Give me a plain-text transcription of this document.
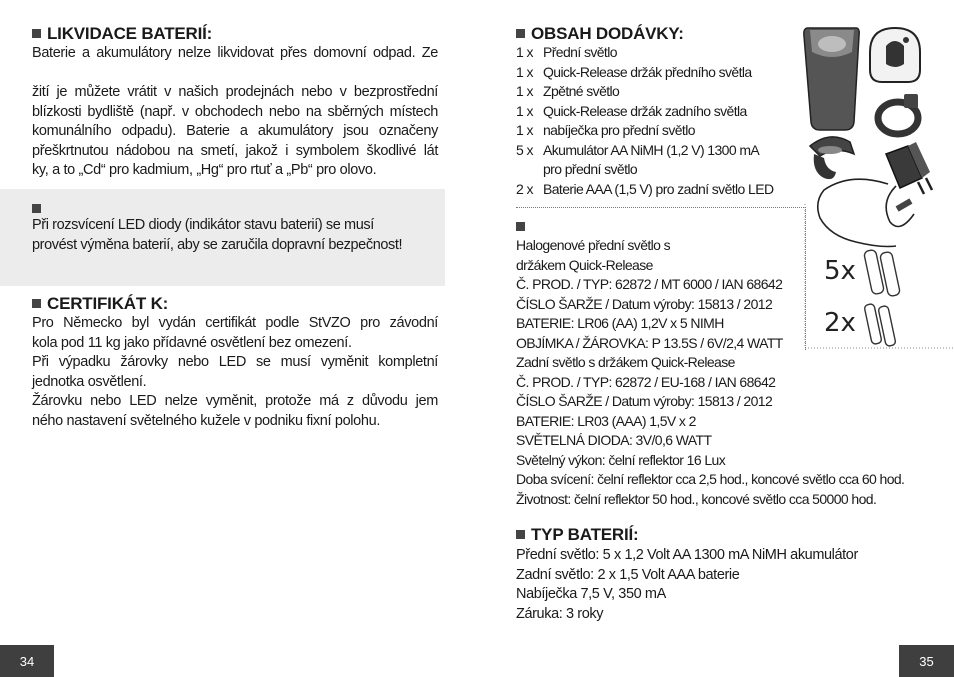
LIKVIDACE BATERIÍ:
Baterie a akumulátory nelze likvidovat přes domovní odpad. Ze
žití je můžete vrátit v našich prodejnách nebo v bezprostřední
blízkosti bydliště (např. v obchodech nebo na sběrných místech
komunálního odpadu). Baterie a akumulátory jsou označeny
přeškrtnutou nádobou na smetí, jakož i symbolem škodlivé lát
ky, a to „Cd“ pro kadmium, „Hg“ pro rtuť a „Pb“ pro olovo.
Při rozsvícení LED diody (indikátor stavu baterií) se musí
provést výměna baterií, aby se zaručila dopravní bezpečnost!
CERTIFIKÁT K:
Pro Německo byl vydán certifikát podle StVZO pro závodní
kola pod 11 kg jako přídavné osvětlení bez omezení.
Při výpadku žárovky nebo LED se musí vyměnit kompletní
jednotka osvětlení.
Žárovku nebo LED nelze vyměnit, protože má z důvodu jem
ného nastavení světelného kužele v podniku fixní polohu.
34
OBSAH DODÁVKY:
1 x Přední světlo
1 x Quick-Release držák předního světla
1 x Zpětné světlo
1 x Quick-Release držák zadního světla
1 x nabíječka pro přední světlo
5 x Akumulátor AA NiMH (1,2 V) 1300 mA
pro přední světlo
2 x Baterie AAA (1,5 V) pro zadní světlo LED
5x
2x
Halogenové přední světlo s
držákem Quick-Release
Č. PROD. / TYP: 62872 / MT 6000 / IAN 68642
ČÍSLO ŠARŽE / Datum výroby: 15813 / 2012
BATERIE: LR06 (AA) 1,2V x 5 NIMH
OBJÍMKA / ŽÁROVKA: P 13.5S / 6V/2,4 WATT
Zadní světlo s držákem Quick-Release
Č. PROD. / TYP: 62872 / EU-168 / IAN 68642
ČÍSLO ŠARŽE / Datum výroby: 15813 / 2012
BATERIE: LR03 (AAA) 1,5V x 2
SVĚTELNÁ DIODA: 3V/0,6 WATT
Světelný výkon: čelní reflektor 16 Lux
Doba svícení: čelní reflektor cca 2,5 hod., koncové světlo cca 60 hod.
Životnost: čelní reflektor 50 hod., koncové světlo cca 50000 hod.
TYP BATERIÍ:
Přední světlo: 5 x 1,2 Volt AA 1300 mA NiMH akumulátor
Zadní světlo: 2 x 1,5 Volt AAA baterie
Nabíječka 7,5 V, 350 mA
Záruka: 3 roky
35
